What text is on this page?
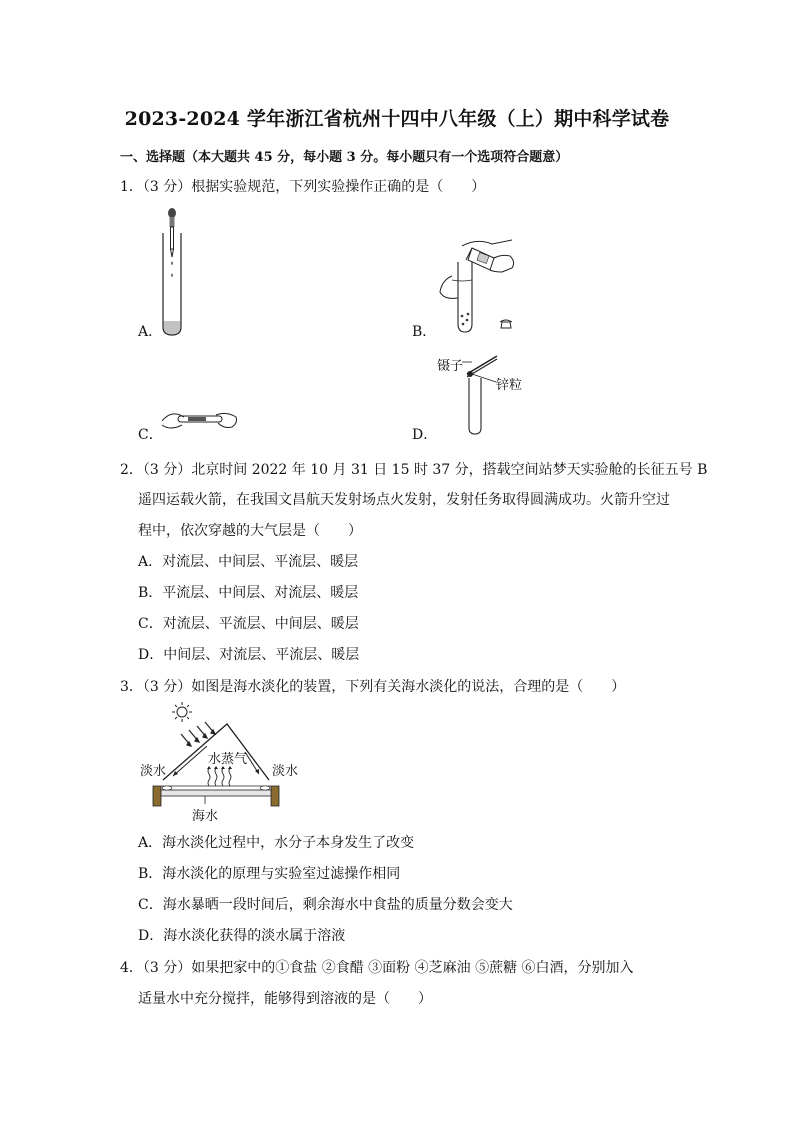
2023-2024 学年浙江省杭州十四中八年级（上）期中科学试卷
一、选择题（本大题共 45 分，每小题 3 分。每小题只有一个选项符合题意）
1．（3 分）根据实验规范，下列实验操作正确的是（　　）
A．	B．
C．
镊子
锌粒
D．
2．（3 分）北京时间 2022 年 10 月 31 日 15 时 37 分，搭载空间站梦天实验舱的长征五号 B
遥四运载火箭，在我国文昌航天发射场点火发射，发射任务取得圆满成功。火箭升空过
程中，依次穿越的大气层是（　　）
A．对流层、中间层、平流层、暖层
B．平流层、中间层、对流层、暖层
C．对流层、平流层、中间层、暖层
D．中间层、对流层、平流层、暖层
3．（3 分）如图是海水淡化的装置，下列有关海水淡化的说法，合理的是（　　）
淡水	淡水
水蒸气
海水
A．海水淡化过程中，水分子本身发生了改变
B．海水淡化的原理与实验室过滤操作相同
C．海水暴晒一段时间后，剩余海水中食盐的质量分数会变大
D．海水淡化获得的淡水属于溶液
4．（3 分）如果把家中的①食盐 ②食醋 ③面粉 ④芝麻油 ⑤蔗糖 ⑥白酒，分别加入
适量水中充分搅拌，能够得到溶液的是（　　）
